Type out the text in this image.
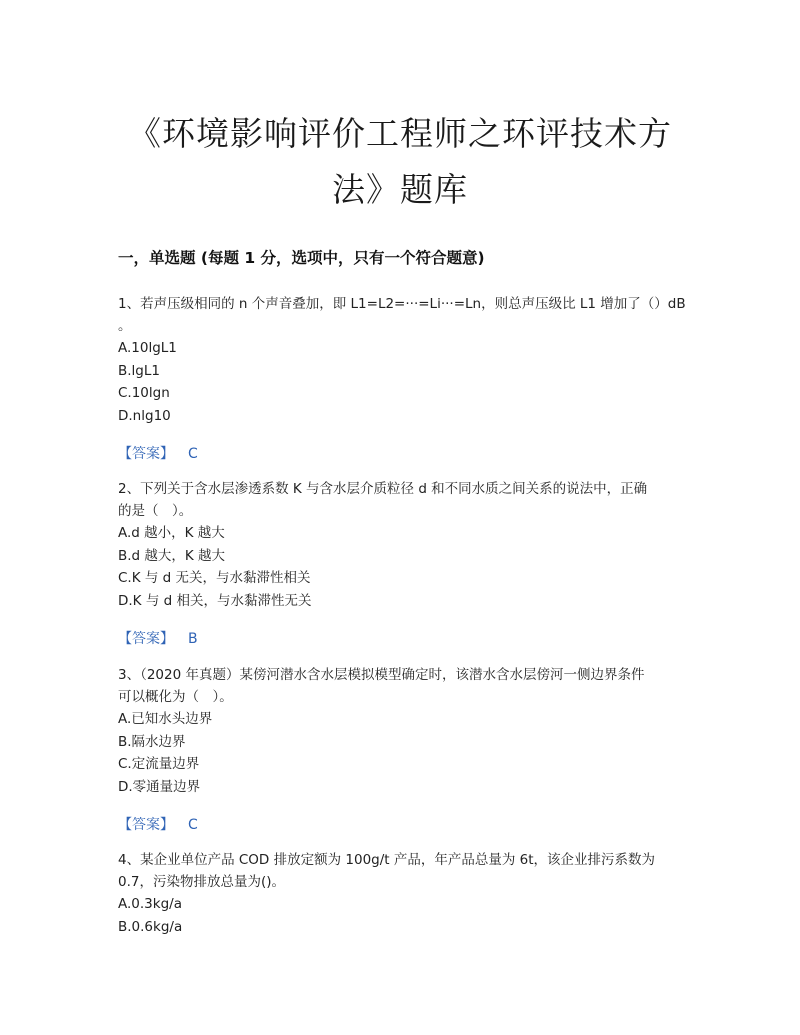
《环境影响评价工程师之环评技术方
法》题库
一，单选题 (每题 1 分，选项中，只有一个符合题意)
1、若声压级相同的 n 个声音叠加，即 L1=L2=···=Li···=Ln，则总声压级比 L1 增加了（）dB
。
A.10lgL1
B.lgL1
C.10lgn
D.nlg10
【答案】 C
2、下列关于含水层渗透系数 K 与含水层介质粒径 d 和不同水质之间关系的说法中，正确
的是（　）。
A.d 越小，K 越大
B.d 越大，K 越大
C.K 与 d 无关，与水黏滞性相关
D.K 与 d 相关，与水黏滞性无关
【答案】 B
3、（2020 年真题）某傍河潜水含水层模拟模型确定时，该潜水含水层傍河一侧边界条件
可以概化为（　）。
A.已知水头边界
B.隔水边界
C.定流量边界
D.零通量边界
【答案】 C
4、某企业单位产品 COD 排放定额为 100g/t 产品，年产品总量为 6t，该企业排污系数为
0.7，污染物排放总量为()。
A.0.3kg/a
B.0.6kg/a
